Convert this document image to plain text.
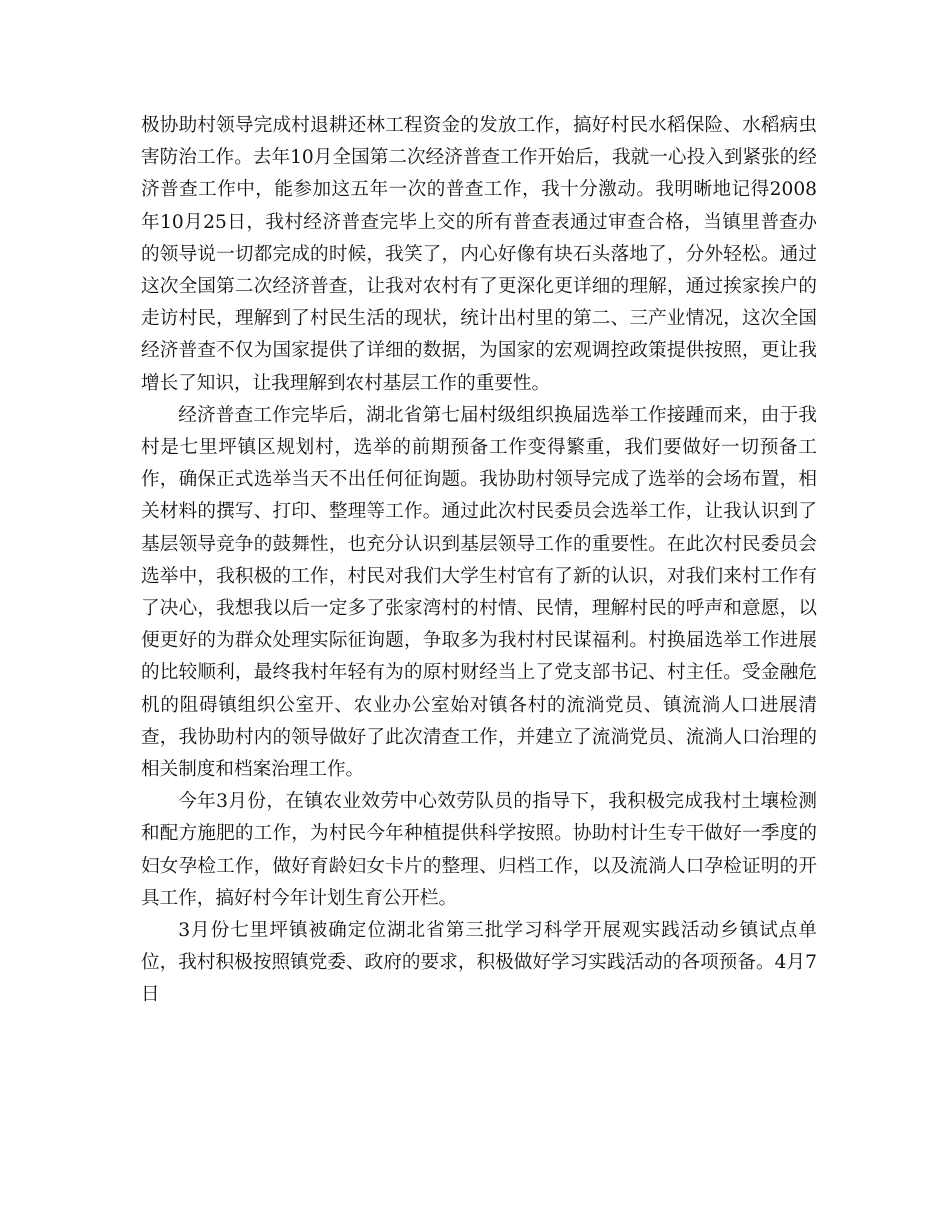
极协助村领导完成村退耕还林工程资金的发放工作，搞好村民水稻保险、水稻病虫害防治工作。去年10月全国第二次经济普查工作开始后，我就一心投入到紧张的经济普查工作中，能参加这五年一次的普查工作，我十分激动。我明晰地记得2008年10月25日，我村经济普查完毕上交的所有普查表通过审查合格，当镇里普查办的领导说一切都完成的时候，我笑了，内心好像有块石头落地了，分外轻松。通过这次全国第二次经济普查，让我对农村有了更深化更详细的理解，通过挨家挨户的走访村民，理解到了村民生活的现状，统计出村里的第二、三产业情况，这次全国经济普查不仅为国家提供了详细的数据，为国家的宏观调控政策提供按照，更让我增长了知识，让我理解到农村基层工作的重要性。

经济普查工作完毕后，湖北省第七届村级组织换届选举工作接踵而来，由于我村是七里坪镇区规划村，选举的前期预备工作变得繁重，我们要做好一切预备工作，确保正式选举当天不出任何征询题。我协助村领导完成了选举的会场布置，相关材料的撰写、打印、整理等工作。通过此次村民委员会选举工作，让我认识到了基层领导竞争的鼓舞性，也充分认识到基层领导工作的重要性。在此次村民委员会选举中，我积极的工作，村民对我们大学生村官有了新的认识，对我们来村工作有了决心，我想我以后一定多了张家湾村的村情、民情，理解村民的呼声和意愿，以便更好的为群众处理实际征询题，争取多为我村村民谋福利。村换届选举工作进展的比较顺利，最终我村年轻有为的原村财经当上了党支部书记、村主任。受金融危机的阻碍镇组织公室开、农业办公室始对镇各村的流淌党员、镇流淌人口进展清查，我协助村内的领导做好了此次清查工作，并建立了流淌党员、流淌人口治理的相关制度和档案治理工作。

今年3月份，在镇农业效劳中心效劳队员的指导下，我积极完成我村土壤检测和配方施肥的工作，为村民今年种植提供科学按照。协助村计生专干做好一季度的妇女孕检工作，做好育龄妇女卡片的整理、归档工作，以及流淌人口孕检证明的开具工作，搞好村今年计划生育公开栏。

3月份七里坪镇被确定位湖北省第三批学习科学开展观实践活动乡镇试点单位，我村积极按照镇党委、政府的要求，积极做好学习实践活动的各项预备。4月7日
